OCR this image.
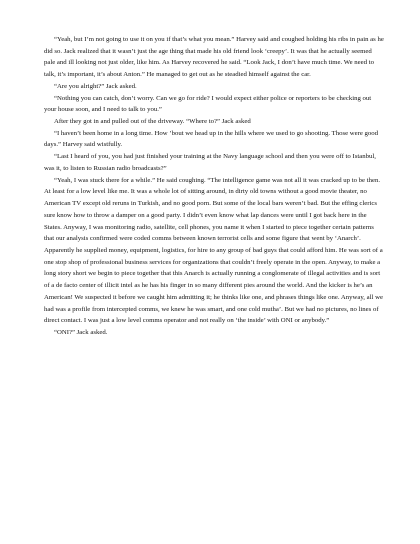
“Yeah, but I’m not going to use it on you if that’s what you mean.” Harvey said and coughed holding his ribs in pain as he did so. Jack realized that it wasn’t just the age thing that made his old friend look ‘creepy’. It was that he actually seemed pale and ill looking not just older, like him. As Harvey recovered he said. “Look Jack, I don’t have much time. We need to talk, it’s important, it’s about Anton.” He managed to get out as he steadied himself against the car.

“Are you alright?” Jack asked.

“Nothing you can catch, don’t worry. Can we go for ride? I would expect either police or reporters to be checking out your house soon, and I need to talk to you.”

After they got in and pulled out of the driveway. “Where to?” Jack asked

“I haven’t been home in a long time. How ’bout we head up in the hills where we used to go shooting. Those were good days.” Harvey said wistfully.

“Last I heard of you, you had just finished your training at the Navy language school and then you were off to Istanbul, was it, to listen to Russian radio broadcasts?”

“Yeah, I was stuck there for a while.” He said coughing. “The intelligence game was not all it was cracked up to be then. At least for a low level like me. It was a whole lot of sitting around, in dirty old towns without a good movie theater, no American TV except old reruns in Turkish, and no good porn. But some of the local bars weren’t bad. But the effing clerics sure know how to throw a damper on a good party. I didn’t even know what lap dances were until I got back here in the States. Anyway, I was monitoring radio, satellite, cell phones, you name it when I started to piece together certain patterns that our analysis confirmed were coded comms between known terrorist cells and some figure that went by ‘Anarch’. Apparently he supplied money, equipment, logistics, for hire to any group of bad guys that could afford him. He was sort of a one stop shop of professional business services for organizations that couldn’t freely operate in the open. Anyway, to make a long story short we begin to piece together that this Anarch is actually running a conglomerate of illegal activities and is sort of a de facto center of illicit intel as he has his finger in so many different pies around the world. And the kicker is he’s an American! We suspected it before we caught him admitting it; he thinks like one, and phrases things like one. Anyway, all we had was a profile from intercepted comms, we knew he was smart, and one cold mutha’. But we had no pictures, no lines of direct contact. I was just a low level comms operator and not really on ‘the inside’ with ONI or anybody.”

“ONI?” Jack asked.
